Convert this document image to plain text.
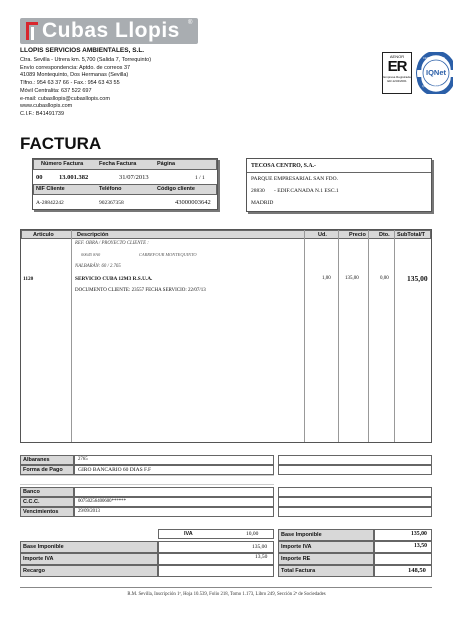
Cubas Llopis ®
LLOPIS SERVICIOS AMBIENTALES, S.L.
Ctra. Sevilla - Utrera km. 5,700 (Salida 7, Torrequinto)
Envío correspondencia: Aptdo. de correos 37
41089 Montequinto, Dos Hermanas (Sevilla)
Tlfno.: 954 63 37 66 - Fax.: 954 63 43 55
Móvil Centralita: 637 522 697
e-mail: cubasllopis@cubasllopis.com
www.cubasllopis.com
C.I.F.: B41491739
AENOR
ER
Empresa Registrada
ER-1234/2001
IQNet
CERTIFICATION
QUALITY NETWORK
FACTURA
Número Factura	Fecha Factura	Página
00	13.001.382	31/07/2013	1 / 1
NIF Cliente	Teléfono	Código cliente
A-28842242	902367358	43000003642
TECOSA CENTRO, S.A.-
PARQUE EMPRESARIAL SAN FDO.
28830 - EDIF.CANADA N.1 ESC.1
MADRID
Articulo	Descripción	Ud.	Precio Dto. SubTotal/T
REF. OBRA / PROYECTO CLIENTE :
00645 8A0	CARREFOUR MONTEQUINTO
NALBARÁN: 60 / 2.765
1120	SERVICIO CUBA 12M3 R.S.U.A.	1,00	135,00	0,00 135,00
DOCUMENTO CLIENTE: 23557 FECHA SERVICIO: 22/07/13
Albaranes	2765
Forma de Pago	GIRO BANCARIO 60 DIAS F.F
Banco
C.C.C.	00750256400600******
Vencimientos	29/09/2013
IVA	10,00
Base Imponible	135,00
Importe IVA	13,50
Recargo
Base Imponible	135,00
Importe IVA	13,50
Importe RE
Total Factura	148,50
R.M. Sevilla, Inscripción 1ª, Hoja 10.539, Folio 218, Tomo 1.173, Libro 249, Sección 2ª de Sociedades
